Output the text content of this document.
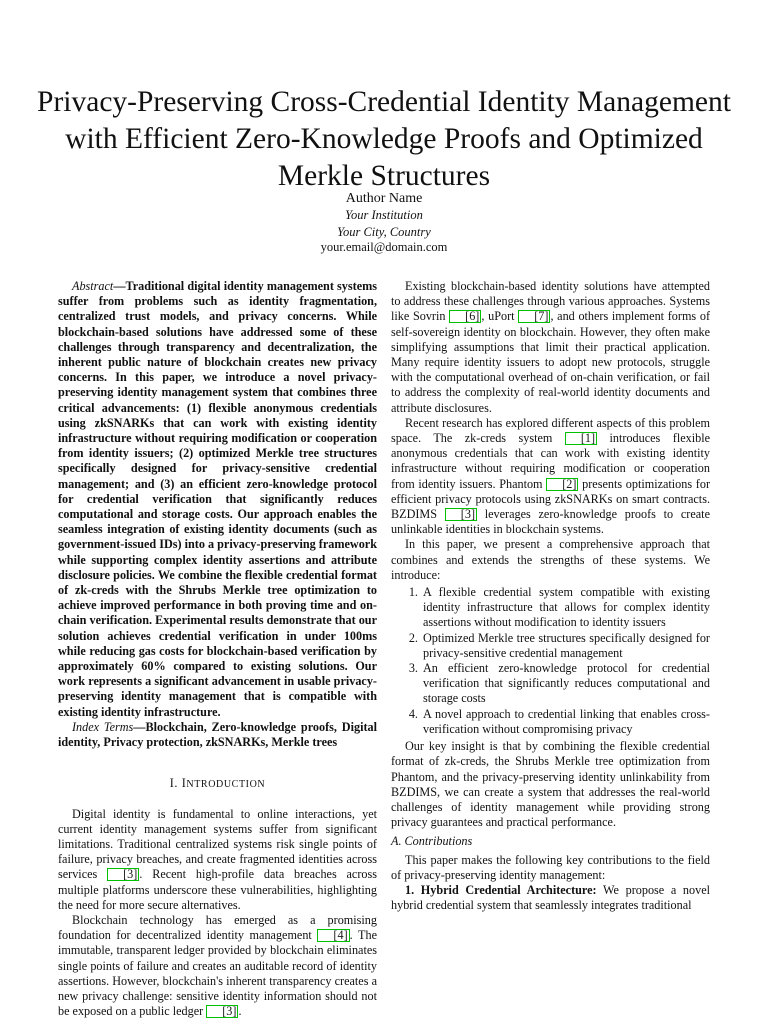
Privacy-Preserving Cross-Credential Identity Management with Efficient Zero-Knowledge Proofs and Optimized Merkle Structures
Author Name
Your Institution
Your City, Country
your.email@domain.com

Abstract—Traditional digital identity management systems suffer from problems such as identity fragmentation, centralized trust models, and privacy concerns. While blockchain-based solutions have addressed some of these challenges through transparency and decentralization, the inherent public nature of blockchain creates new privacy concerns. In this paper, we introduce a novel privacy-preserving identity management system that combines three critical advancements: (1) flexible anonymous credentials using zkSNARKs that can work with existing identity infrastructure without requiring modification or cooperation from identity issuers; (2) optimized Merkle tree structures specifically designed for privacy-sensitive credential management; and (3) an efficient zero-knowledge protocol for credential verification that significantly reduces computational and storage costs. Our approach enables the seamless integration of existing identity documents (such as government-issued IDs) into a privacy-preserving framework while supporting complex identity assertions and attribute disclosure policies. We combine the flexible credential format of zk-creds with the Shrubs Merkle tree optimization to achieve improved performance in both proving time and on-chain verification. Experimental results demonstrate that our solution achieves credential verification in under 100ms while reducing gas costs for blockchain-based verification by approximately 60% compared to existing solutions. Our work represents a significant advancement in usable privacy-preserving identity management that is compatible with existing identity infrastructure.

Index Terms—Blockchain, Zero-knowledge proofs, Digital identity, Privacy protection, zkSNARKs, Merkle trees

I. INTRODUCTION

Digital identity is fundamental to online interactions, yet current identity management systems suffer from significant limitations. Traditional centralized systems risk single points of failure, privacy breaches, and create fragmented identities across services [3] . Recent high-profile data breaches across multiple platforms underscore these vulnerabilities, highlighting the need for more secure alternatives.

Blockchain technology has emerged as a promising foundation for decentralized identity management [4] . The immutable, transparent ledger provided by blockchain eliminates single points of failure and creates an auditable record of identity assertions. However, blockchain's inherent transparency creates a new privacy challenge: sensitive identity information should not be exposed on a public ledger [3] .

Existing blockchain-based identity solutions have attempted to address these challenges through various approaches. Systems like Sovrin [6] , uPort [7] , and others implement forms of self-sovereign identity on blockchain. However, they often make simplifying assumptions that limit their practical application. Many require identity issuers to adopt new protocols, struggle with the computational overhead of on-chain verification, or fail to address the complexity of real-world identity documents and attribute disclosures.

Recent research has explored different aspects of this problem space. The zk-creds system [1] introduces flexible anonymous credentials that can work with existing identity infrastructure without requiring modification or cooperation from identity issuers. Phantom [2] presents optimizations for efficient privacy protocols using zkSNARKs on smart contracts. BZDIMS [3] leverages zero-knowledge proofs to create unlinkable identities in blockchain systems.

In this paper, we present a comprehensive approach that combines and extends the strengths of these systems. We introduce:

1. A flexible credential system compatible with existing identity infrastructure that allows for complex identity assertions without modification to identity issuers
2. Optimized Merkle tree structures specifically designed for privacy-sensitive credential management
3. An efficient zero-knowledge protocol for credential verification that significantly reduces computational and storage costs
4. A novel approach to credential linking that enables cross-verification without compromising privacy

Our key insight is that by combining the flexible credential format of zk-creds, the Shrubs Merkle tree optimization from Phantom, and the privacy-preserving identity unlinkability from BZDIMS, we can create a system that addresses the real-world challenges of identity management while providing strong privacy guarantees and practical performance.

A. Contributions

This paper makes the following key contributions to the field of privacy-preserving identity management:

1. Hybrid Credential Architecture: We propose a novel hybrid credential system that seamlessly integrates traditional
